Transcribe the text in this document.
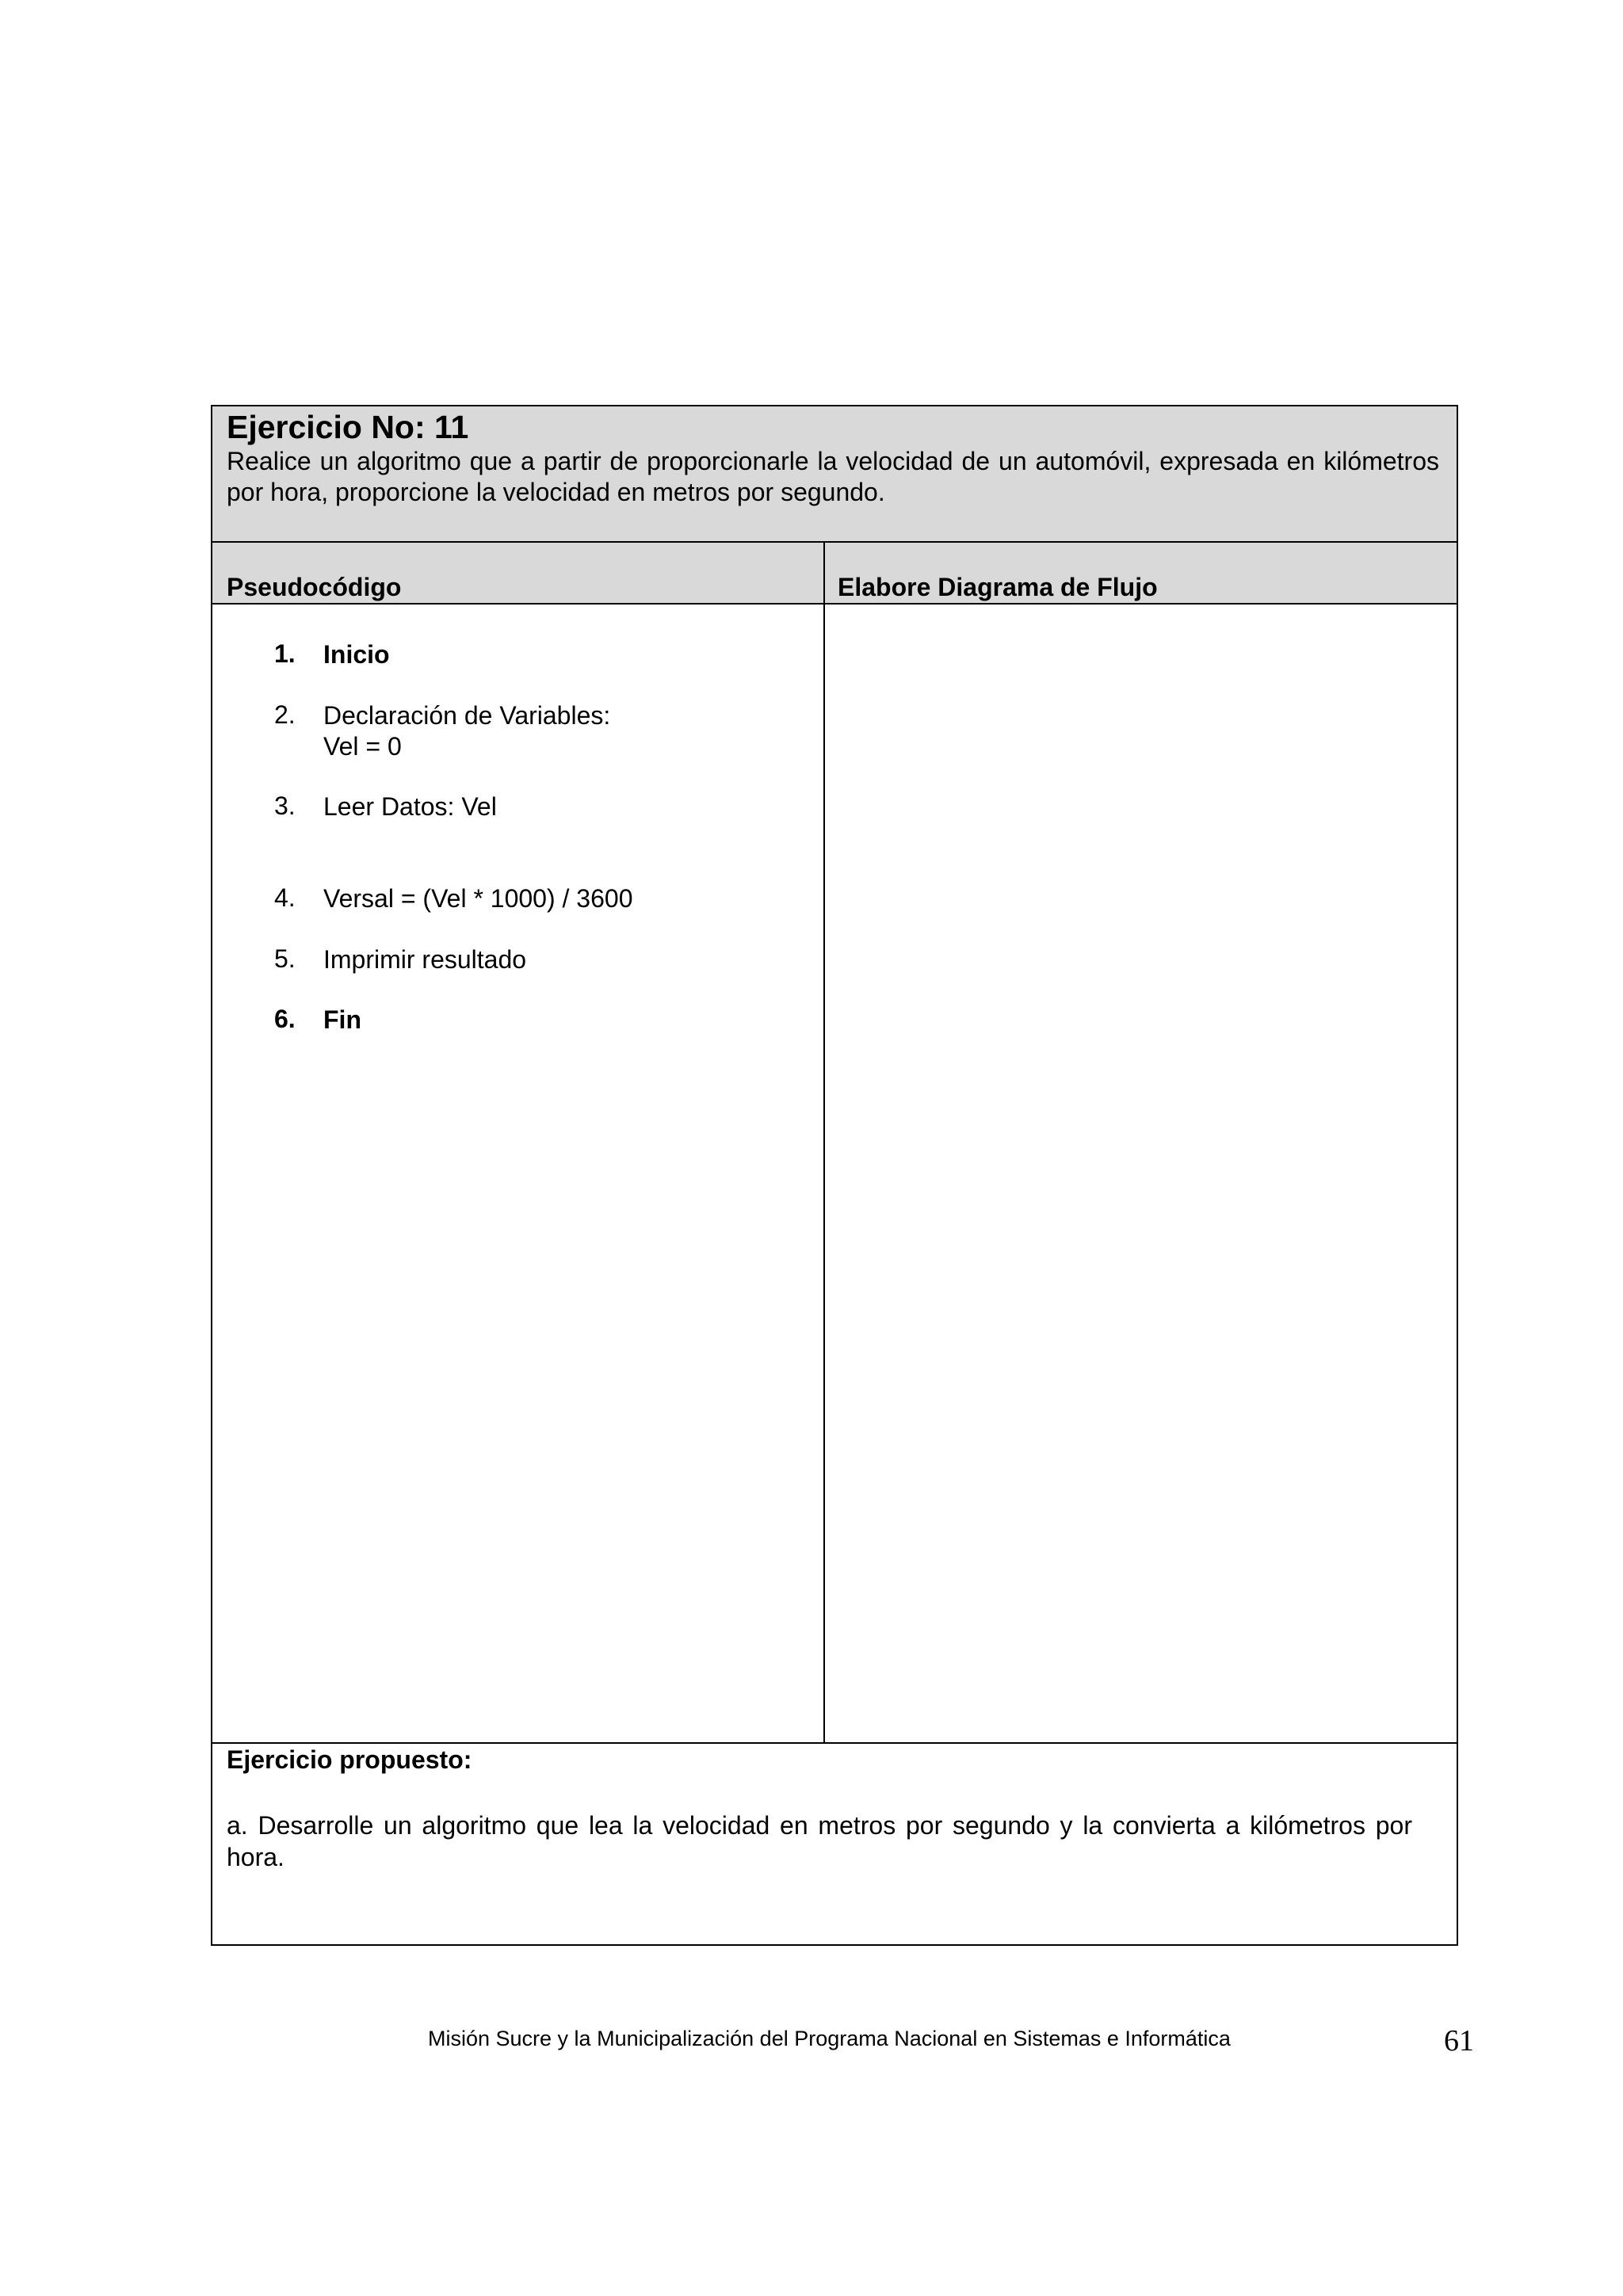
Ejercicio No: 11

Realice un algoritmo que a partir de proporcionarle la velocidad de un automóvil, expresada en kilómetros por hora, proporcione la velocidad en metros por segundo.

Pseudocódigo	Elabore Diagrama de Flujo
1. Inicio
2. Declaración de Variables:
Vel = 0
3. Leer Datos: Vel
4. Versal = (Vel * 1000) / 3600
5. Imprimir resultado
6. Fin
Ejercicio propuesto:

a. Desarrolle un algoritmo que lea la velocidad en metros por segundo y la convierta a kilómetros por hora.

Misión Sucre y la Municipalización del Programa Nacional en Sistemas e Informática	61
